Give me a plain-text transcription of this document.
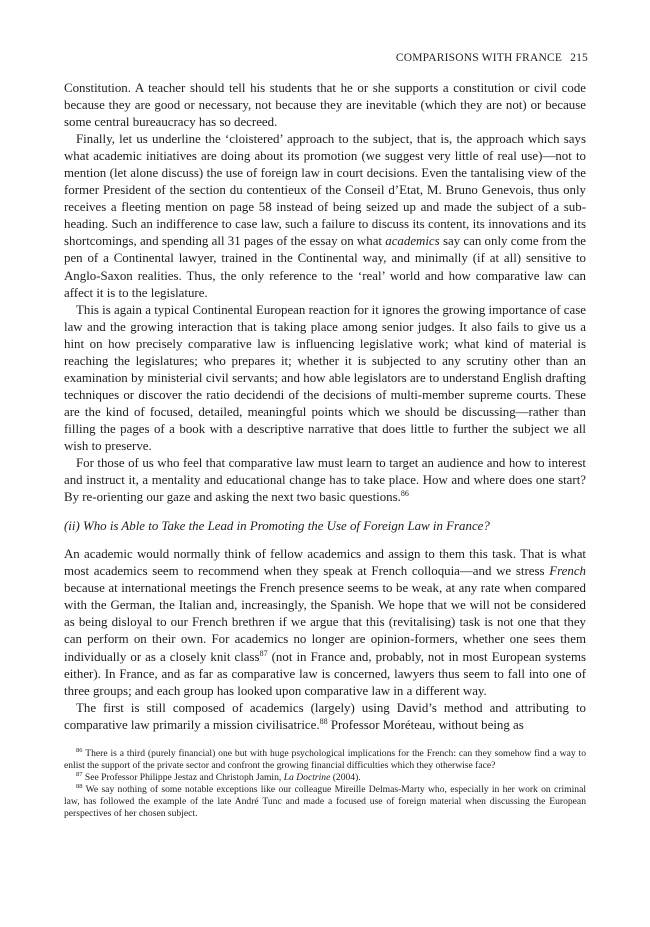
COMPARISONS WITH FRANCE 215

Constitution. A teacher should tell his students that he or she supports a constitution or civil code because they are good or necessary, not because they are inevitable (which they are not) or because some central bureaucracy has so decreed.

Finally, let us underline the ‘cloistered’ approach to the subject, that is, the approach which says what academic initiatives are doing about its promotion (we suggest very little of real use)—not to mention (let alone discuss) the use of foreign law in court decisions. Even the tantalising view of the former President of the section du contentieux of the Conseil d’Etat, M. Bruno Genevois, thus only receives a fleeting mention on page 58 instead of being seized up and made the subject of a sub-heading. Such an indifference to case law, such a failure to discuss its content, its innovations and its shortcomings, and spending all 31 pages of the essay on what academics say can only come from the pen of a Continental lawyer, trained in the Continental way, and minimally (if at all) sensitive to Anglo-Saxon realities. Thus, the only reference to the ‘real’ world and how comparative law can affect it is to the legislature.

This is again a typical Continental European reaction for it ignores the growing importance of case law and the growing interaction that is taking place among senior judges. It also fails to give us a hint on how precisely comparative law is influencing legislative work; what kind of material is reaching the legislatures; who prepares it; whether it is subjected to any scrutiny other than an examination by ministerial civil servants; and how able legislators are to understand English drafting techniques or discover the ratio decidendi of the decisions of multi-member supreme courts. These are the kind of focused, detailed, meaningful points which we should be discussing—rather than filling the pages of a book with a descriptive narrative that does little to further the subject we all wish to preserve.

For those of us who feel that comparative law must learn to target an audience and how to interest and instruct it, a mentality and educational change has to take place. How and where does one start? By re-orienting our gaze and asking the next two basic questions.$^{86}$

(ii) Who is Able to Take the Lead in Promoting the Use of Foreign Law in France?

An academic would normally think of fellow academics and assign to them this task. That is what most academics seem to recommend when they speak at French colloquia—and we stress French because at international meetings the French presence seems to be weak, at any rate when compared with the German, the Italian and, increasingly, the Spanish. We hope that we will not be considered as being disloyal to our French brethren if we argue that this (revitalising) task is not one that they can perform on their own. For academics no longer are opinion-formers, whether one sees them individually or as a closely knit class$^{87}$ (not in France and, probably, not in most European systems either). In France, and as far as comparative law is concerned, lawyers thus seem to fall into one of three groups; and each group has looked upon comparative law in a different way.

The first is still composed of academics (largely) using David’s method and attributing to comparative law primarily a mission civilisatrice.$^{88}$ Professor Moréteau, without being as

$^{86}$ There is a third (purely financial) one but with huge psychological implications for the French: can they somehow find a way to enlist the support of the private sector and confront the growing financial difficulties which they otherwise face?

$^{87}$ See Professor Philippe Jestaz and Christoph Jamin, La Doctrine (2004).

$^{88}$ We say nothing of some notable exceptions like our colleague Mireille Delmas-Marty who, especially in her work on criminal law, has followed the example of the late André Tunc and made a focused use of foreign material when discussing the European perspectives of her chosen subject.
